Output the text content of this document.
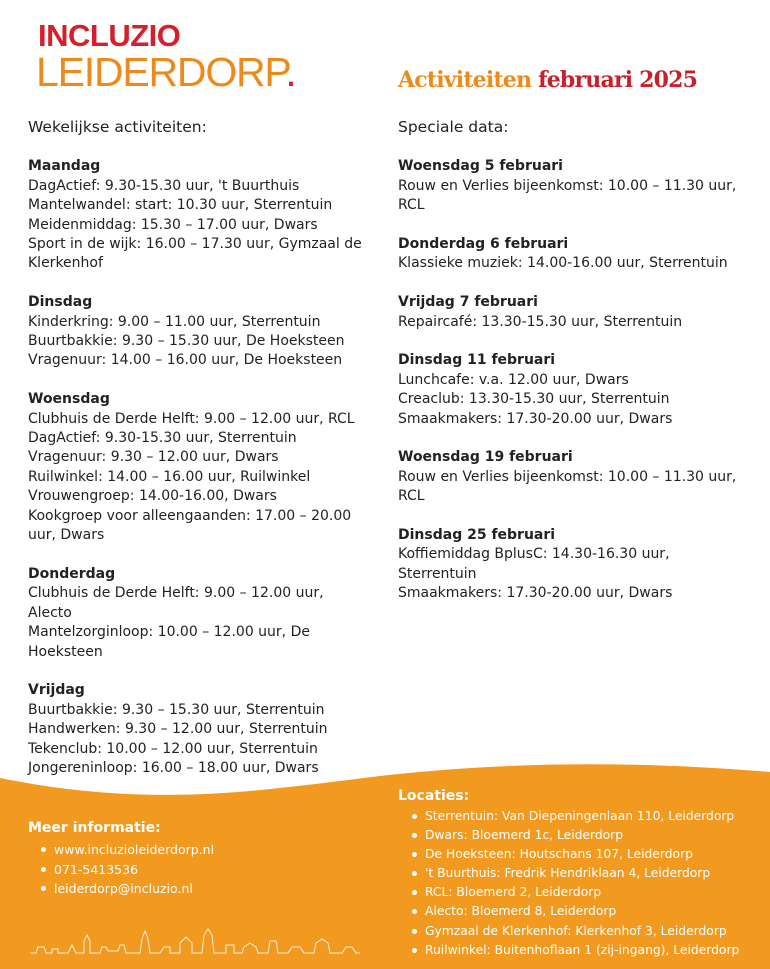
INCLUZIO
LEIDERDORP.	Activiteiten februari 2025
Wekelijkse activiteiten:
Maandag
DagActief: 9.30-15.30 uur, 't Buurthuis
Mantelwandel: start: 10.30 uur, Sterrentuin
Meidenmiddag: 15.30 – 17.00 uur, Dwars
Sport in de wijk: 16.00 – 17.30 uur, Gymzaal de
Klerkenhof
Dinsdag
Kinderkring: 9.00 – 11.00 uur, Sterrentuin
Buurtbakkie: 9.30 – 15.30 uur, De Hoeksteen
Vragenuur: 14.00 – 16.00 uur, De Hoeksteen
Woensdag
Clubhuis de Derde Helft: 9.00 – 12.00 uur, RCL
DagActief: 9.30-15.30 uur, Sterrentuin
Vragenuur: 9.30 – 12.00 uur, Dwars
Ruilwinkel: 14.00 – 16.00 uur, Ruilwinkel
Vrouwengroep: 14.00-16.00, Dwars
Kookgroep voor alleengaanden: 17.00 – 20.00
uur, Dwars
Donderdag
Clubhuis de Derde Helft: 9.00 – 12.00 uur,
Alecto
Mantelzorginloop: 10.00 – 12.00 uur, De
Hoeksteen
Vrijdag
Buurtbakkie: 9.30 – 15.30 uur, Sterrentuin
Handwerken: 9.30 – 12.00 uur, Sterrentuin
Tekenclub: 10.00 – 12.00 uur, Sterrentuin
Jongereninloop: 16.00 – 18.00 uur, Dwars
Speciale data:
Woensdag 5 februari
Rouw en Verlies bijeenkomst: 10.00 – 11.30 uur,
RCL
Donderdag 6 februari
Klassieke muziek: 14.00-16.00 uur, Sterrentuin
Vrijdag 7 februari
Repaircafé: 13.30-15.30 uur, Sterrentuin
Dinsdag 11 februari
Lunchcafe: v.a. 12.00 uur, Dwars
Creaclub: 13.30-15.30 uur, Sterrentuin
Smaakmakers: 17.30-20.00 uur, Dwars
Woensdag 19 februari
Rouw en Verlies bijeenkomst: 10.00 – 11.30 uur,
RCL
Dinsdag 25 februari
Koffiemiddag BplusC: 14.30-16.30 uur,
Sterrentuin
Smaakmakers: 17.30-20.00 uur, Dwars
Meer informatie:
www.incluzioleiderdorp.nl
071-5413536
leiderdorp@incluzio.nl
Locaties:
Sterrentuin: Van Diepeningenlaan 110, Leiderdorp
Dwars: Bloemerd 1c, Leiderdorp
De Hoeksteen: Houtschans 107, Leiderdorp
't Buurthuis: Fredrik Hendriklaan 4, Leiderdorp
RCL: Bloemerd 2, Leiderdorp
Alecto: Bloemerd 8, Leiderdorp
Gymzaal de Klerkenhof: Klerkenhof 3, Leiderdorp
Ruilwinkel: Buitenhoflaan 1 (zij-ingang), Leiderdorp
